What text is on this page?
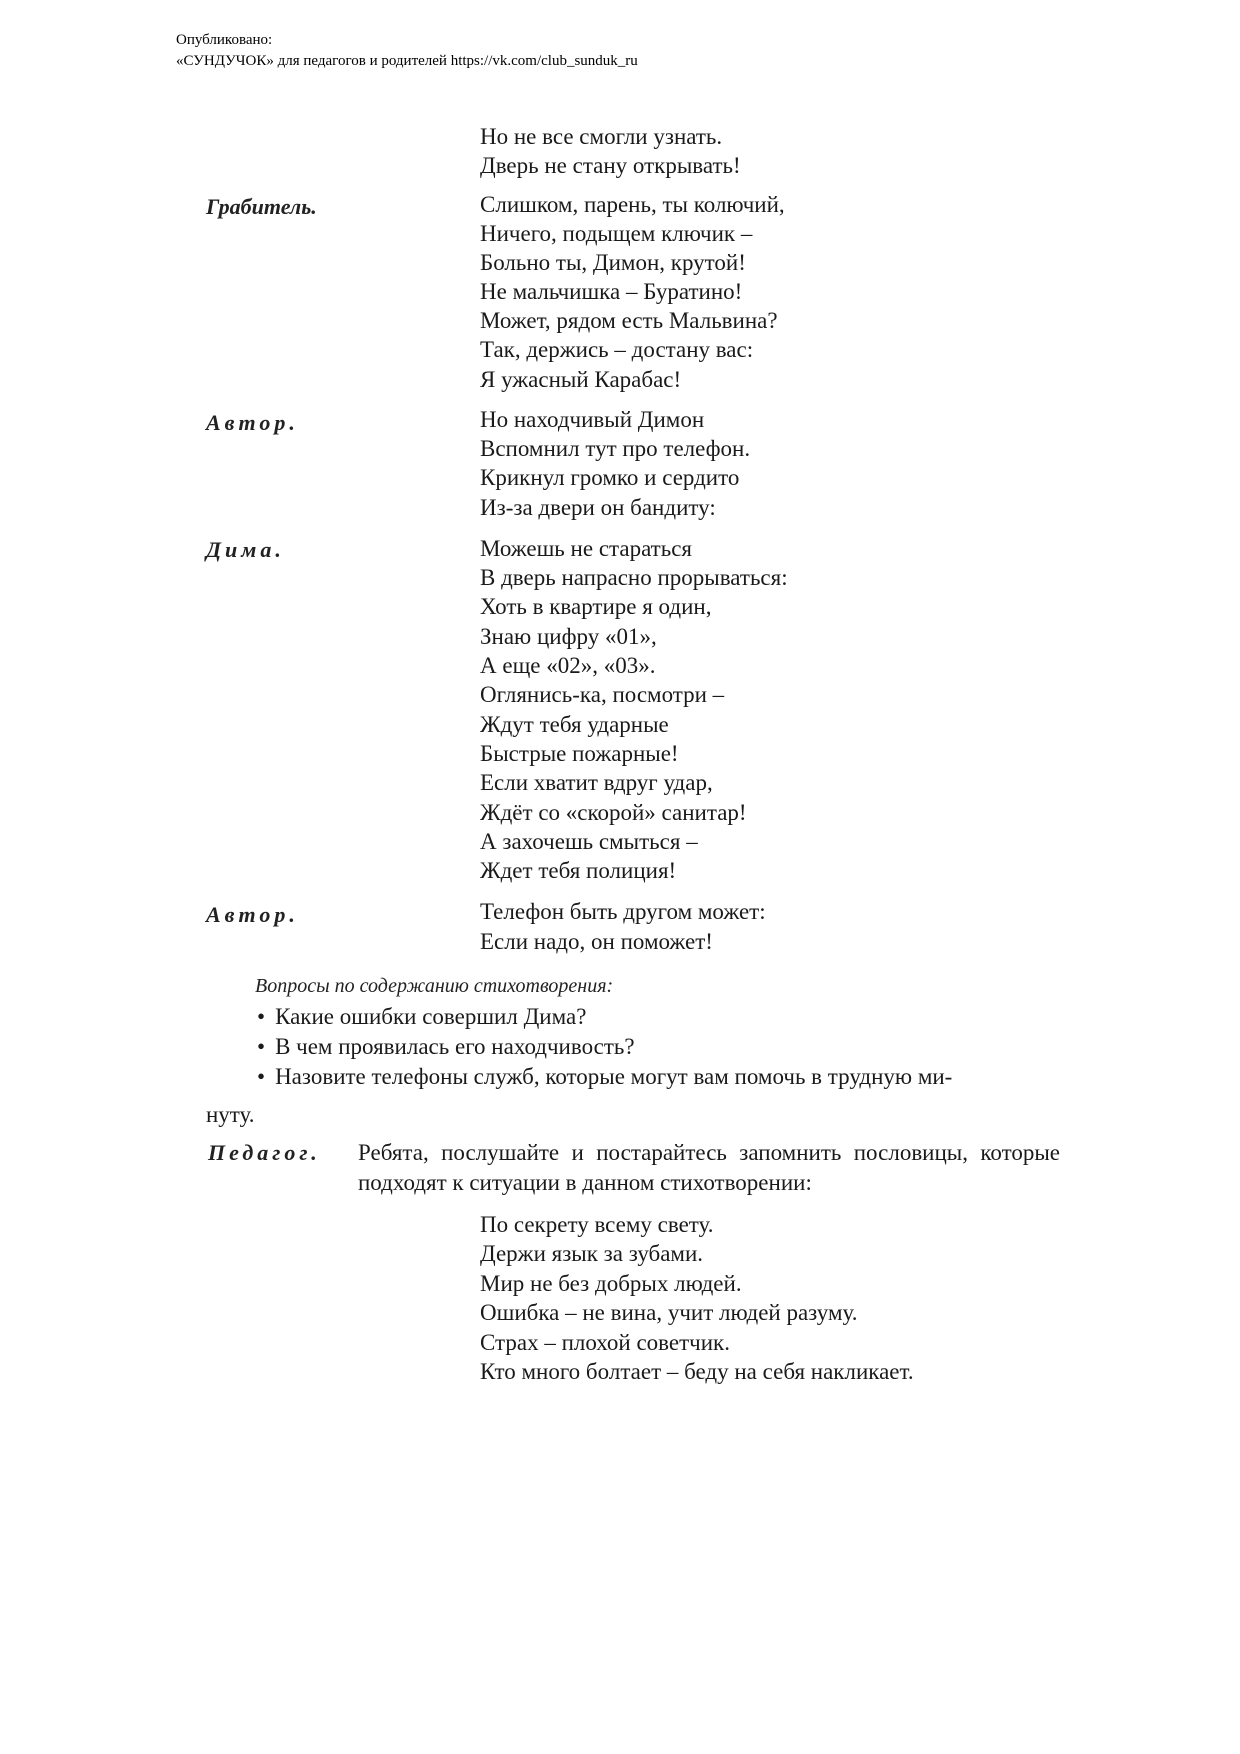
Опубликовано:
«СУНДУЧОК» для педагогов и родителей https://vk.com/club_sunduk_ru
Но не все смогли узнать.
Дверь не стану открывать!
Грабитель.	Слишком, парень, ты колючий,
Ничего, подыщем ключик –
Больно ты, Димон, крутой!
Не мальчишка – Буратино!
Может, рядом есть Мальвина?
Так, держись – достану вас:
Я ужасный Карабас!
Автор.	Но находчивый Димон
Вспомнил тут про телефон.
Крикнул громко и сердито
Из-за двери он бандиту:
Дима.	Можешь не стараться
В дверь напрасно прорываться:
Хоть в квартире я один,
Знаю цифру «01»,
А еще «02», «03».
Оглянись-ка, посмотри –
Ждут тебя ударные
Быстрые пожарные!
Если хватит вдруг удар,
Ждёт со «скорой» санитар!
А захочешь смыться –
Ждет тебя полиция!
Автор.	Телефон быть другом может:
Если надо, он поможет!
Вопросы по содержанию стихотворения:
• Какие ошибки совершил Дима?
• В чем проявилась его находчивость?
• Назовите телефоны служб, которые могут вам помочь в трудную ми-
нуту.
Педагог. Ребята, послушайте и постарайтесь запомнить пословицы, которые подходят к ситуации в данном стихотворении:
По секрету всему свету.
Держи язык за зубами.
Мир не без добрых людей.
Ошибка – не вина, учит людей разуму.
Страх – плохой советчик.
Кто много болтает – беду на себя накликает.
